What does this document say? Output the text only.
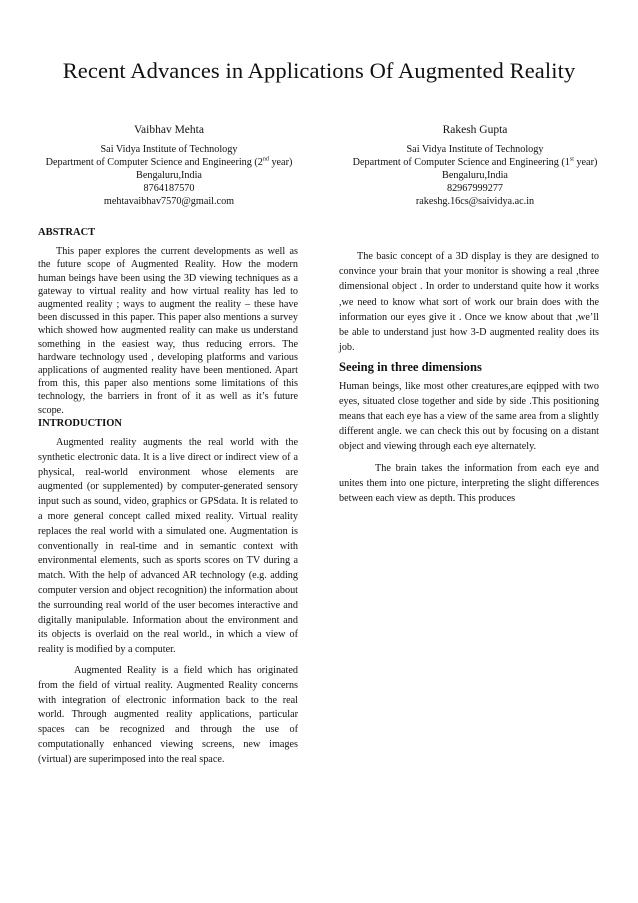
Recent Advances in Applications Of Augmented Reality
Vaibhav Mehta
Sai Vidya Institute of Technology
Department of Computer Science and Engineering (2nd year)
Bengaluru,India
8764187570
mehtavaibhav7570@gmail.com
Rakesh Gupta
Sai Vidya Institute of Technology
Department of Computer Science and Engineering (1st year)
Bengaluru,India
82967999277
rakeshg.16cs@saividya.ac.in
ABSTRACT

This paper explores the current developments as well as the future scope of Augmented Reality. How the modern human beings have been using the 3D viewing techniques as a gateway to virtual reality and how virtual reality has led to augmented reality ; ways to augment the reality – these have been discussed in this paper. This paper also mentions a survey which showed how augmented reality can make us understand something in the easiest way, thus reducing errors. The hardware technology used , developing platforms and various applications of augmented reality have been mentioned. Apart from this, this paper also mentions some limitations of this technology, the barriers in front of it as well as it’s future scope.

INTRODUCTION

Augmented reality augments the real world with the synthetic electronic data. It is a live direct or indirect view of a physical, real-world environment whose elements are augmented (or supplemented) by computer-generated sensory input such as sound, video, graphics or GPSdata. It is related to a more general concept called mixed reality. Virtual reality replaces the real world with a simulated one. Augmentation is conventionally in real-time and in semantic context with environmental elements, such as sports scores on TV during a match. With the help of advanced AR technology (e.g. adding computer version and object recognition) the information about the surrounding real world of the user becomes interactive and digitally manipulable. Information about the environment and its objects is overlaid on the real world., in which a view of reality is modified by a computer.

Augmented Reality is a field which has originated from the field of virtual reality. Augmented Reality concerns with integration of electronic information back to the real world. Through augmented reality applications, particular spaces can be recognized and through the use of computationally enhanced viewing screens, new images (virtual) are superimposed into the real space.

The basic concept of a 3D display is they are designed to convince your brain that your monitor is showing a real ,three dimensional object . In order to understand quite how it works ,we need to know what sort of work our brain does with the information our eyes give it . Once we know about that ,we’ll be able to understand just how 3-D augmented reality does its job.

Seeing in three dimensions

Human beings, like most other creatures,are eqipped with two eyes, situated close together and side by side .This positioning means that each eye has a view of the same area from a slightly different angle. we can check this out by focusing on a distant object and viewing through each eye alternately.

The brain takes the information from each eye and unites them into one picture, interpreting the slight differences between each view as depth. This produces
